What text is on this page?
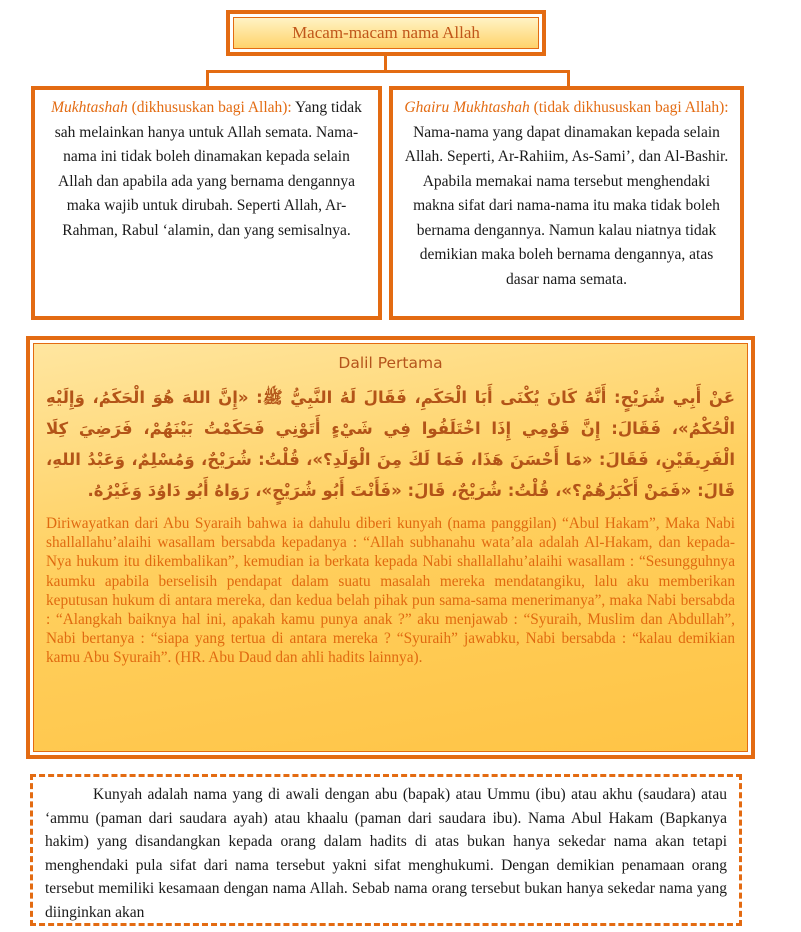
Macam-macam nama Allah
Mukhtashah (dikhususkan bagi Allah): Yang tidak sah melainkan hanya untuk Allah semata. Nama-nama ini tidak boleh dinamakan kepada selain Allah dan apabila ada yang bernama dengannya maka wajib untuk dirubah. Seperti Allah, Ar-Rahman, Rabul ‘alamin, dan yang semisalnya.
Ghairu Mukhtashah (tidak dikhususkan bagi Allah): Nama-nama yang dapat dinamakan kepada selain Allah. Seperti, Ar-Rahiim, As-Sami’, dan Al-Bashir. Apabila memakai nama tersebut menghendaki makna sifat dari nama-nama itu maka tidak boleh bernama dengannya. Namun kalau niatnya tidak demikian maka boleh bernama dengannya, atas dasar nama semata.
Dalil Pertama

عَنْ أَبِي شُرَيْحٍ: أَنَّهُ كَانَ يُكْنَى أَبَا الْحَكَمِ، فَقَالَ لَهُ النَّبِيُّ ﷺ: «إِنَّ اللهَ هُوَ الْحَكَمُ، وَإِلَيْهِ الْحُكْمُ»، فَقَالَ: إِنَّ قَوْمِي إِذَا اخْتَلَفُوا فِي شَيْءٍ أَتَوْنِي فَحَكَمْتُ بَيْنَهُمْ، فَرَضِيَ كِلَا الْفَرِيقَيْنِ، فَقَالَ: «مَا أَحْسَنَ هَذَا، فَمَا لَكَ مِنَ الْوَلَدِ؟»، قُلْتُ: شُرَيْحٌ، وَمُسْلِمٌ، وَعَبْدُ اللهِ، قَالَ: «فَمَنْ أَكْبَرُهُمْ؟»، قُلْتُ: شُرَيْحٌ، قَالَ: «فَأَنْتَ أَبُو شُرَيْحٍ»، رَوَاهُ أَبُو دَاوُدَ وَغَيْرُهُ.

Diriwayatkan dari Abu Syaraih bahwa ia dahulu diberi kunyah (nama panggilan) “Abul Hakam”, Maka Nabi shallallahu’alaihi wasallam bersabda kepadanya : “Allah subhanahu wata’ala adalah Al-Hakam, dan kepada-Nya hukum itu dikembalikan”, kemudian ia berkata kepada Nabi shallallahu’alaihi wasallam : “Sesungguhnya kaumku apabila berselisih pendapat dalam suatu masalah mereka mendatangiku, lalu aku memberikan keputusan hukum di antara mereka, dan kedua belah pihak pun sama-sama menerimanya”, maka Nabi bersabda : “Alangkah baiknya hal ini, apakah kamu punya anak ?” aku menjawab : “Syuraih, Muslim dan Abdullah”, Nabi bertanya : “siapa yang tertua di antara mereka ? “Syuraih” jawabku, Nabi bersabda : “kalau demikian kamu Abu Syuraih”. (HR. Abu Daud dan ahli hadits lainnya).

Kunyah adalah nama yang di awali dengan abu (bapak) atau Ummu (ibu) atau akhu (saudara) atau ‘ammu (paman dari saudara ayah) atau khaalu (paman dari saudara ibu). Nama Abul Hakam (Bapkanya hakim) yang disandangkan kepada orang dalam hadits di atas bukan hanya sekedar nama akan tetapi menghendaki pula sifat dari nama tersebut yakni sifat menghukumi. Dengan demikian penamaan orang tersebut memiliki kesamaan dengan nama Allah. Sebab nama orang tersebut bukan hanya sekedar nama yang diinginkan akan
